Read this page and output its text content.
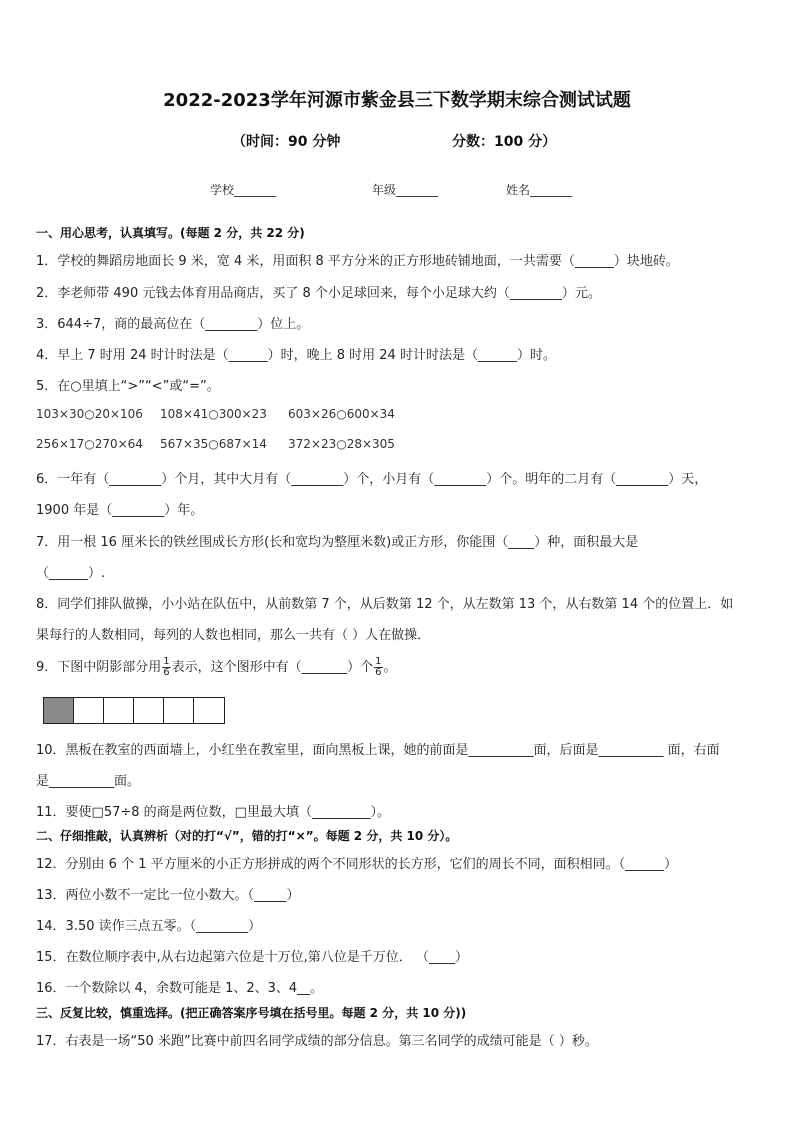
2022-2023学年河源市紫金县三下数学期末综合测试试题
（时间：90 分钟	分数：100 分）
学校_______	年级_______	姓名_______
一、用心思考，认真填写。(每题 2 分，共 22 分)
1．学校的舞蹈房地面长 9 米，宽 4 米，用面积 8 平方分米的正方形地砖铺地面，一共需要（______）块地砖。
2．李老师带 490 元钱去体育用品商店，买了 8 个小足球回来，每个小足球大约（________）元。
3．644÷7，商的最高位在（________）位上。
4．早上 7 时用 24 时计时法是（______）时，晚上 8 时用 24 时计时法是（______）时。
5．在○里填上“>”“<”或“=”。
103×30○20×106 108×41○300×23 603×26○600×34
256×17○270×64 567×35○687×14 372×23○28×305
6．一年有（________）个月，其中大月有（________）个，小月有（________）个。明年的二月有（________）天，
1900 年是（________）年。
7．用一根 16 厘米长的铁丝围成长方形(长和宽均为整厘米数)或正方形，你能围（____）种，面积最大是
（______）.
8．同学们排队做操，小小站在队伍中，从前数第 7 个，从后数第 12 个，从左数第 13 个，从右数第 14 个的位置上．如
果每行的人数相同，每列的人数也相同，那么一共有（ ）人在做操．
9．下图中阴影部分用 $\frac{1}{6}$ 表示，这个图形中有（_______）个 $\frac{1}{6}$ 。
10．黑板在教室的西面墙上，小红坐在教室里，面向黑板上课，她的前面是__________面，后面是__________ 面，右面
是__________面。
11．要使□57÷8 的商是两位数，□里最大填（_________）。
二、仔细推敲，认真辨析（对的打“√”，错的打“×”。每题 2 分，共 10 分）。
12．分别由 6 个 1 平方厘米的小正方形拼成的两个不同形状的长方形，它们的周长不同，面积相同。（______）
13．两位小数不一定比一位小数大。（_____）
14．3.50 读作三点五零。（________）
15．在数位顺序表中,从右边起第六位是十万位,第八位是千万位． （____）
16．一个数除以 4，余数可能是 1、2、3、4__。
三、反复比较，慎重选择。(把正确答案序号填在括号里。每题 2 分，共 10 分))
17．右表是一场“50 米跑”比赛中前四名同学成绩的部分信息。第三名同学的成绩可能是（ ）秒。
